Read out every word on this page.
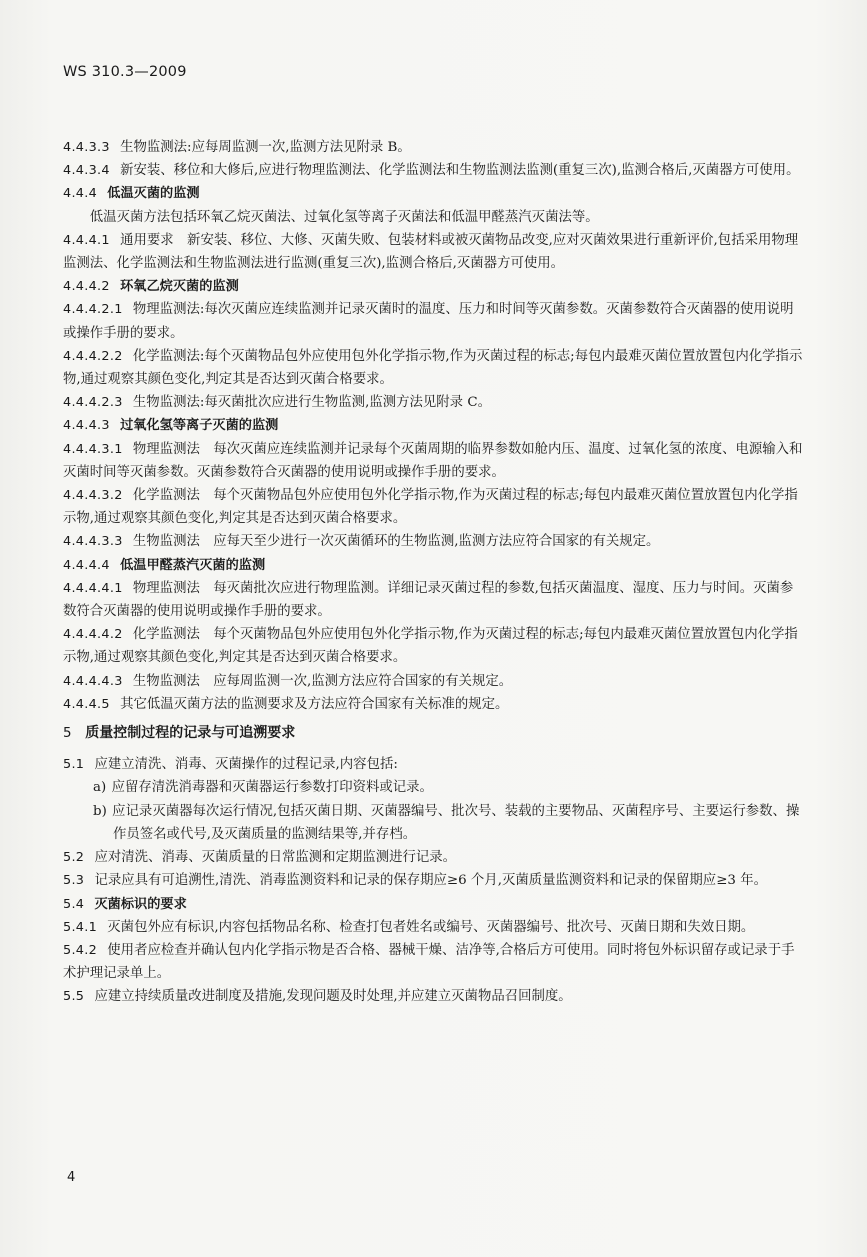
WS 310.3—2009
4.4.3.3 生物监测法:应每周监测一次,监测方法见附录 B。
4.4.3.4 新安装、移位和大修后,应进行物理监测法、化学监测法和生物监测法监测(重复三次),监测合格后,灭菌器方可使用。
4.4.4 低温灭菌的监测
低温灭菌方法包括环氧乙烷灭菌法、过氧化氢等离子灭菌法和低温甲醛蒸汽灭菌法等。
4.4.4.1 通用要求　新安装、移位、大修、灭菌失败、包装材料或被灭菌物品改变,应对灭菌效果进行重新评价,包括采用物理监测法、化学监测法和生物监测法进行监测(重复三次),监测合格后,灭菌器方可使用。
4.4.4.2 环氧乙烷灭菌的监测
4.4.4.2.1 物理监测法:每次灭菌应连续监测并记录灭菌时的温度、压力和时间等灭菌参数。灭菌参数符合灭菌器的使用说明或操作手册的要求。
4.4.4.2.2 化学监测法:每个灭菌物品包外应使用包外化学指示物,作为灭菌过程的标志;每包内最难灭菌位置放置包内化学指示物,通过观察其颜色变化,判定其是否达到灭菌合格要求。
4.4.4.2.3 生物监测法:每灭菌批次应进行生物监测,监测方法见附录 C。
4.4.4.3 过氧化氢等离子灭菌的监测
4.4.4.3.1 物理监测法　每次灭菌应连续监测并记录每个灭菌周期的临界参数如舱内压、温度、过氧化氢的浓度、电源输入和灭菌时间等灭菌参数。灭菌参数符合灭菌器的使用说明或操作手册的要求。
4.4.4.3.2 化学监测法　每个灭菌物品包外应使用包外化学指示物,作为灭菌过程的标志;每包内最难灭菌位置放置包内化学指示物,通过观察其颜色变化,判定其是否达到灭菌合格要求。
4.4.4.3.3 生物监测法　应每天至少进行一次灭菌循环的生物监测,监测方法应符合国家的有关规定。
4.4.4.4 低温甲醛蒸汽灭菌的监测
4.4.4.4.1 物理监测法　每灭菌批次应进行物理监测。详细记录灭菌过程的参数,包括灭菌温度、湿度、压力与时间。灭菌参数符合灭菌器的使用说明或操作手册的要求。
4.4.4.4.2 化学监测法　每个灭菌物品包外应使用包外化学指示物,作为灭菌过程的标志;每包内最难灭菌位置放置包内化学指示物,通过观察其颜色变化,判定其是否达到灭菌合格要求。
4.4.4.4.3 生物监测法　应每周监测一次,监测方法应符合国家的有关规定。
4.4.4.5 其它低温灭菌方法的监测要求及方法应符合国家有关标准的规定。
5 质量控制过程的记录与可追溯要求
5.1 应建立清洗、消毒、灭菌操作的过程记录,内容包括:
a) 应留存清洗消毒器和灭菌器运行参数打印资料或记录。
b) 应记录灭菌器每次运行情况,包括灭菌日期、灭菌器编号、批次号、装载的主要物品、灭菌程序号、主要运行参数、操作员签名或代号,及灭菌质量的监测结果等,并存档。
5.2 应对清洗、消毒、灭菌质量的日常监测和定期监测进行记录。
5.3 记录应具有可追溯性,清洗、消毒监测资料和记录的保存期应≥6 个月,灭菌质量监测资料和记录的保留期应≥3 年。
5.4 灭菌标识的要求
5.4.1 灭菌包外应有标识,内容包括物品名称、检查打包者姓名或编号、灭菌器编号、批次号、灭菌日期和失效日期。
5.4.2 使用者应检查并确认包内化学指示物是否合格、器械干燥、洁净等,合格后方可使用。同时将包外标识留存或记录于手术护理记录单上。
5.5 应建立持续质量改进制度及措施,发现问题及时处理,并应建立灭菌物品召回制度。
4
